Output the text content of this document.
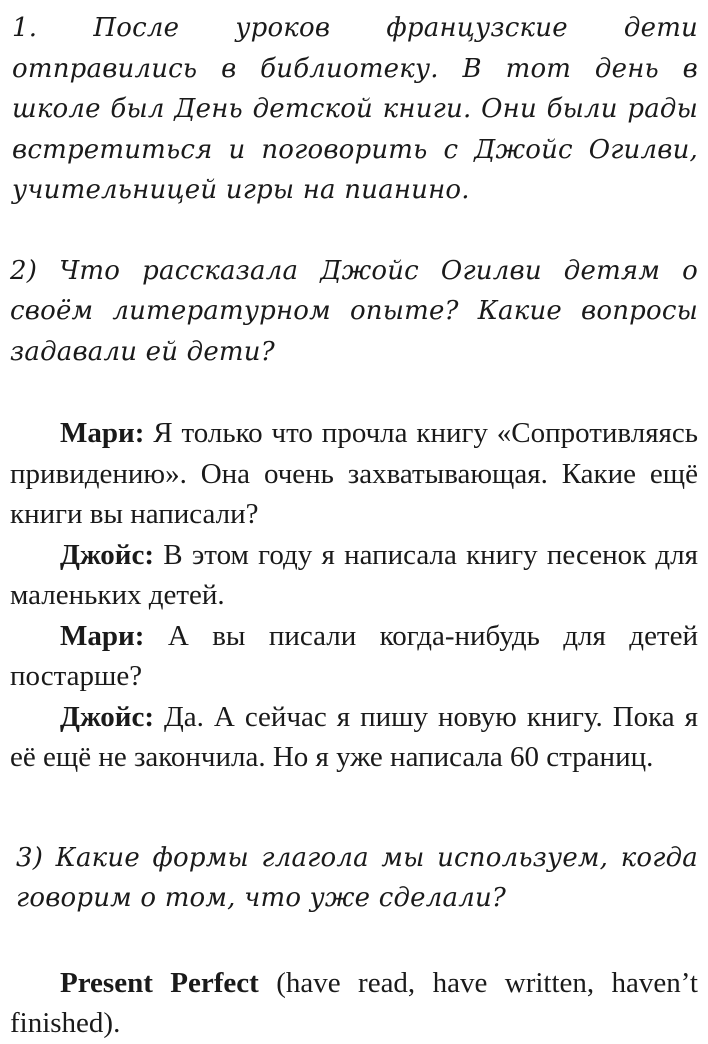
1. После уроков французские дети отправились в библиотеку. В тот день в школе был День детской книги. Они были рады встретиться и поговорить с Джойс Огилви, учительницей игры на пианино.

2) Что рассказала Джойс Огилви детям о своём литературном опыте? Какие вопросы задавали ей дети?

Мари: Я только что прочла книгу «Сопротивляясь привидению». Она очень захватывающая. Какие ещё книги вы написали?

Джойс: В этом году я написала книгу песенок для маленьких детей.

Мари: А вы писали когда-нибудь для детей постарше?

Джойс: Да. А сейчас я пишу новую книгу. Пока я её ещё не закончила. Но я уже написала 60 страниц.

3) Какие формы глагола мы используем, когда говорим о том, что уже сделали?

Present Perfect (have read, have written, haven’t finished).
